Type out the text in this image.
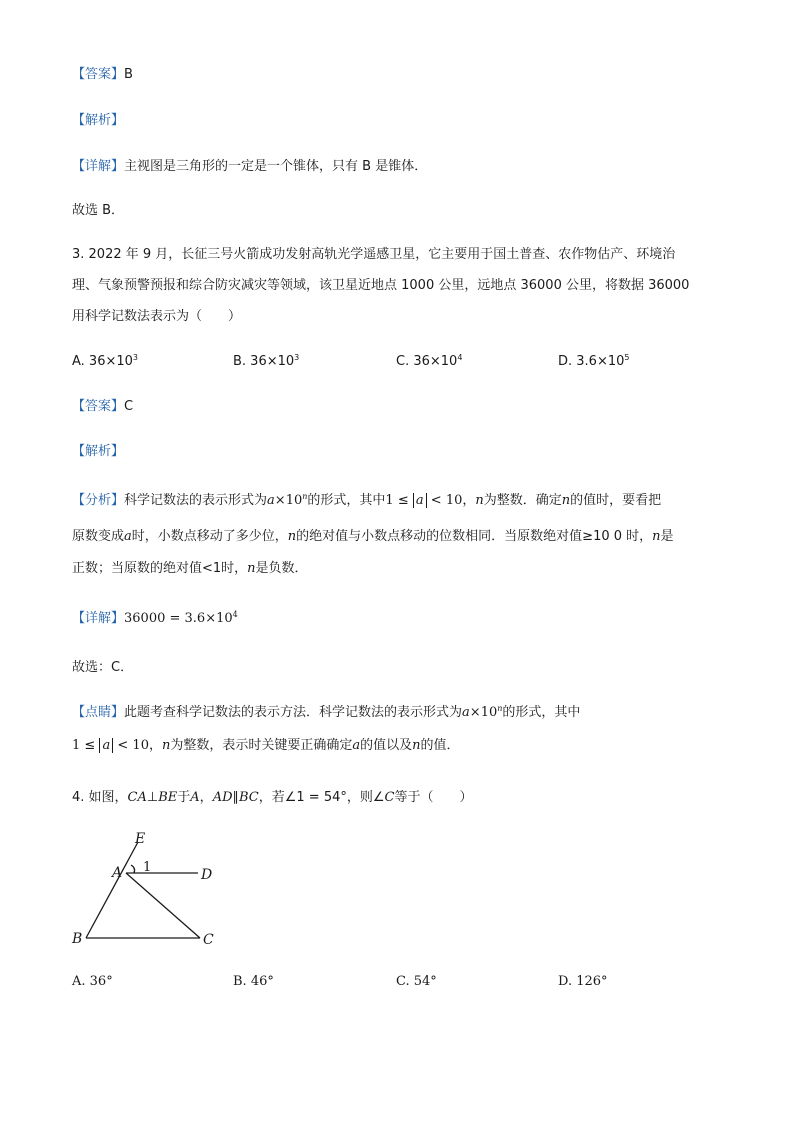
【答案】B
【解析】
【详解】主视图是三角形的一定是一个锥体，只有 B 是锥体．
故选 B．
3. 2022 年 9 月，长征三号火箭成功发射高轨光学遥感卫星，它主要用于国土普查、农作物估产、环境治
理、气象预警预报和综合防灾减灾等领域，该卫星近地点 1000 公里，远地点 36000 公里，将数据 36000
用科学记数法表示为（　　）
A. $36\times 10^3$	B. $36\times 10^3$	C. $36\times 10^4$	D. $3.6\times 10^5$
【答案】C
【解析】
【分析】科学记数法的表示形式为$a\times 10^n$的形式，其中1 ≤ a < 10，n为整数．确定n的值时，要看把
原数变成a时，小数点移动了多少位，n的绝对值与小数点移动的位数相同．当原数绝对值≥10 0 时，n是
正数；当原数的绝对值<1时，n是负数．
【详解】$36000 = 3.6\times 10^4$
故选：C．
【点睛】此题考查科学记数法的表示方法．科学记数法的表示形式为$a\times 10^n$的形式，其中
1 ≤ a < 10，n为整数，表示时关键要正确确定a的值以及n的值．
4. 如图，CA⊥BE于A，AD∥BC，若∠1 = 54°，则∠C等于（　　）
E
A 1	D
B	C
A. 36°	B. 46°	C. 54°	D. 126°
